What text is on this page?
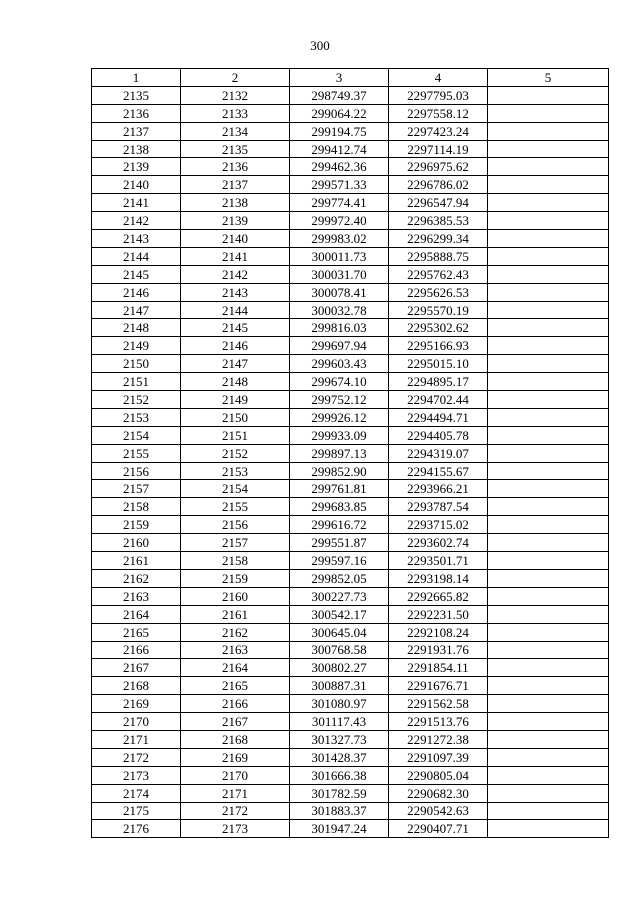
300
1	2	3	4	5
2135	2132	298749.37	2297795.03	
2136	2133	299064.22	2297558.12	
2137	2134	299194.75	2297423.24	
2138	2135	299412.74	2297114.19	
2139	2136	299462.36	2296975.62	
2140	2137	299571.33	2296786.02	
2141	2138	299774.41	2296547.94	
2142	2139	299972.40	2296385.53	
2143	2140	299983.02	2296299.34	
2144	2141	300011.73	2295888.75	
2145	2142	300031.70	2295762.43	
2146	2143	300078.41	2295626.53	
2147	2144	300032.78	2295570.19	
2148	2145	299816.03	2295302.62	
2149	2146	299697.94	2295166.93	
2150	2147	299603.43	2295015.10	
2151	2148	299674.10	2294895.17	
2152	2149	299752.12	2294702.44	
2153	2150	299926.12	2294494.71	
2154	2151	299933.09	2294405.78	
2155	2152	299897.13	2294319.07	
2156	2153	299852.90	2294155.67	
2157	2154	299761.81	2293966.21	
2158	2155	299683.85	2293787.54	
2159	2156	299616.72	2293715.02	
2160	2157	299551.87	2293602.74	
2161	2158	299597.16	2293501.71	
2162	2159	299852.05	2293198.14	
2163	2160	300227.73	2292665.82	
2164	2161	300542.17	2292231.50	
2165	2162	300645.04	2292108.24	
2166	2163	300768.58	2291931.76	
2167	2164	300802.27	2291854.11	
2168	2165	300887.31	2291676.71	
2169	2166	301080.97	2291562.58	
2170	2167	301117.43	2291513.76	
2171	2168	301327.73	2291272.38	
2172	2169	301428.37	2291097.39	
2173	2170	301666.38	2290805.04	
2174	2171	301782.59	2290682.30	
2175	2172	301883.37	2290542.63	
2176	2173	301947.24	2290407.71	
